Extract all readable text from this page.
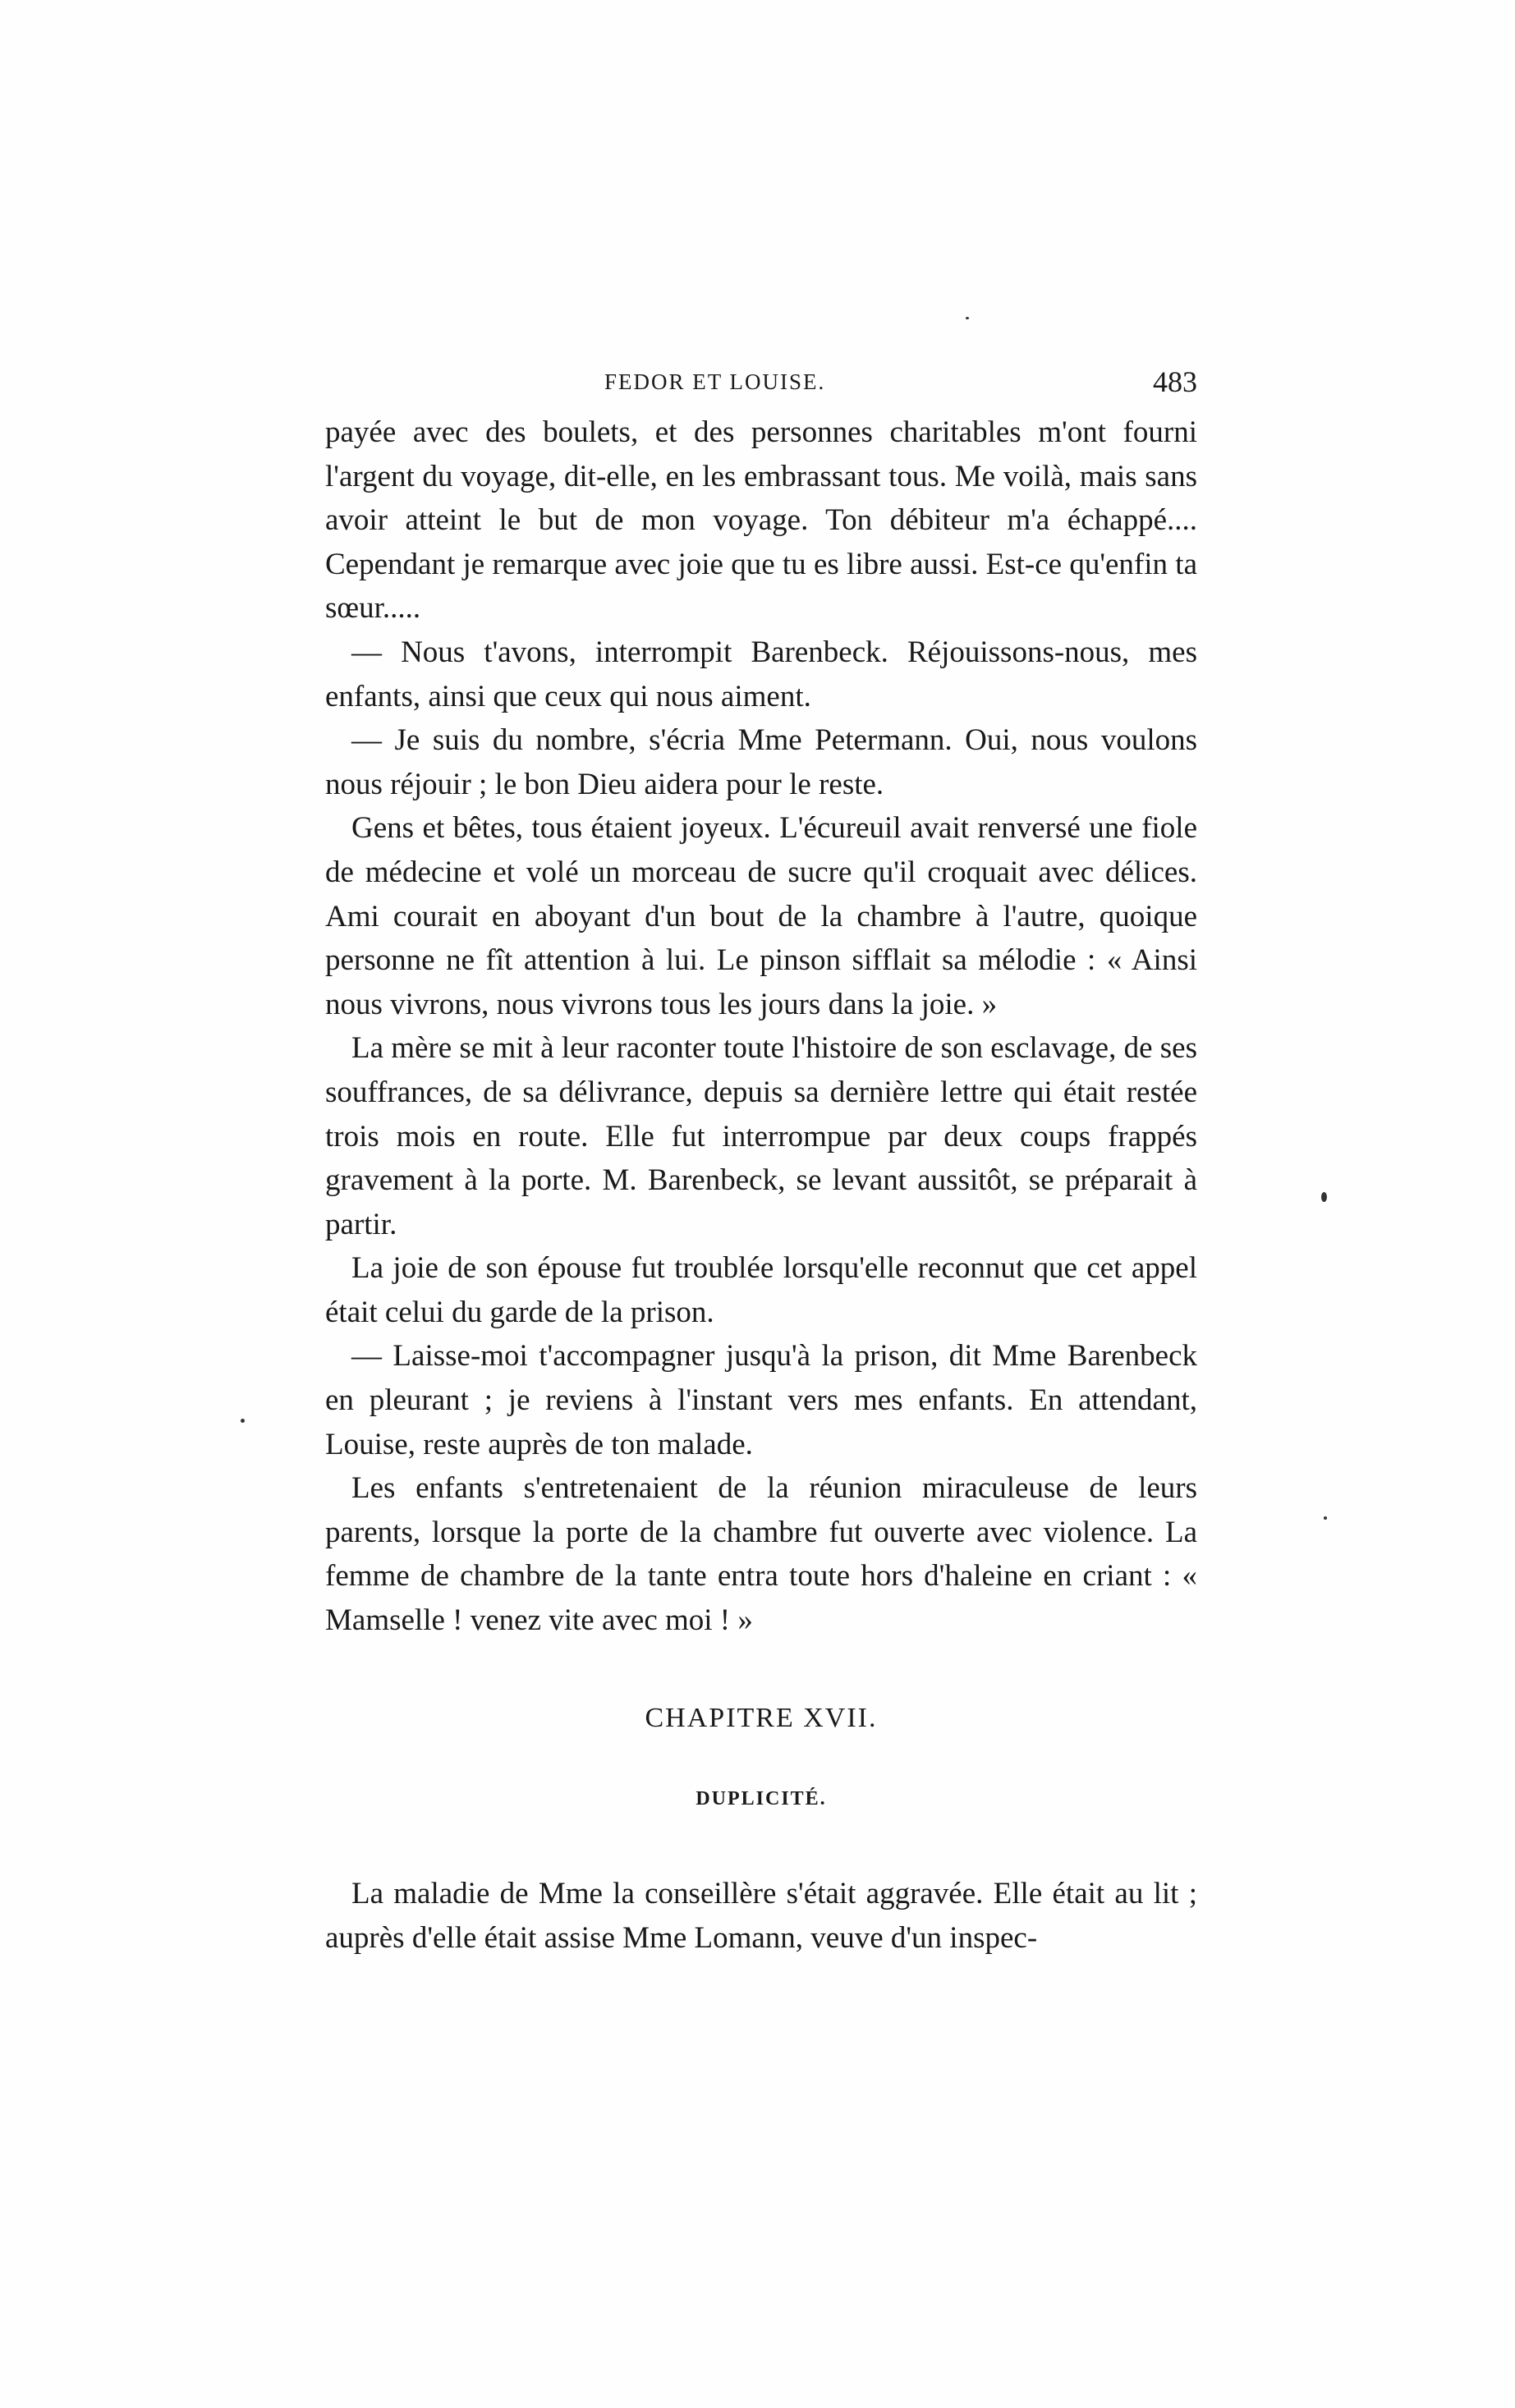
FEDOR ET LOUISE.	483

payée avec des boulets, et des personnes charitables m'ont fourni l'argent du voyage, dit-elle, en les embrassant tous. Me voilà, mais sans avoir atteint le but de mon voyage. Ton débiteur m'a échappé.... Cependant je remarque avec joie que tu es libre aussi. Est-ce qu'enfin ta sœur.....

— Nous t'avons, interrompit Barenbeck. Réjouissons-nous, mes enfants, ainsi que ceux qui nous aiment.

— Je suis du nombre, s'écria Mme Petermann. Oui, nous voulons nous réjouir ; le bon Dieu aidera pour le reste.

Gens et bêtes, tous étaient joyeux. L'écureuil avait renversé une fiole de médecine et volé un morceau de sucre qu'il croquait avec délices. Ami courait en aboyant d'un bout de la chambre à l'autre, quoique personne ne fît attention à lui. Le pinson sifflait sa mélodie : « Ainsi nous vivrons, nous vivrons tous les jours dans la joie. »

La mère se mit à leur raconter toute l'histoire de son esclavage, de ses souffrances, de sa délivrance, depuis sa dernière lettre qui était restée trois mois en route. Elle fut interrompue par deux coups frappés gravement à la porte. M. Barenbeck, se levant aussitôt, se préparait à partir.

La joie de son épouse fut troublée lorsqu'elle reconnut que cet appel était celui du garde de la prison.

— Laisse-moi t'accompagner jusqu'à la prison, dit Mme Barenbeck en pleurant ; je reviens à l'instant vers mes enfants. En attendant, Louise, reste auprès de ton malade.

Les enfants s'entretenaient de la réunion miraculeuse de leurs parents, lorsque la porte de la chambre fut ouverte avec violence. La femme de chambre de la tante entra toute hors d'haleine en criant : « Mamselle ! venez vite avec moi ! »

CHAPITRE XVII.
DUPLICITÉ.

La maladie de Mme la conseillère s'était aggravée. Elle était au lit ; auprès d'elle était assise Mme Lomann, veuve d'un inspec-
